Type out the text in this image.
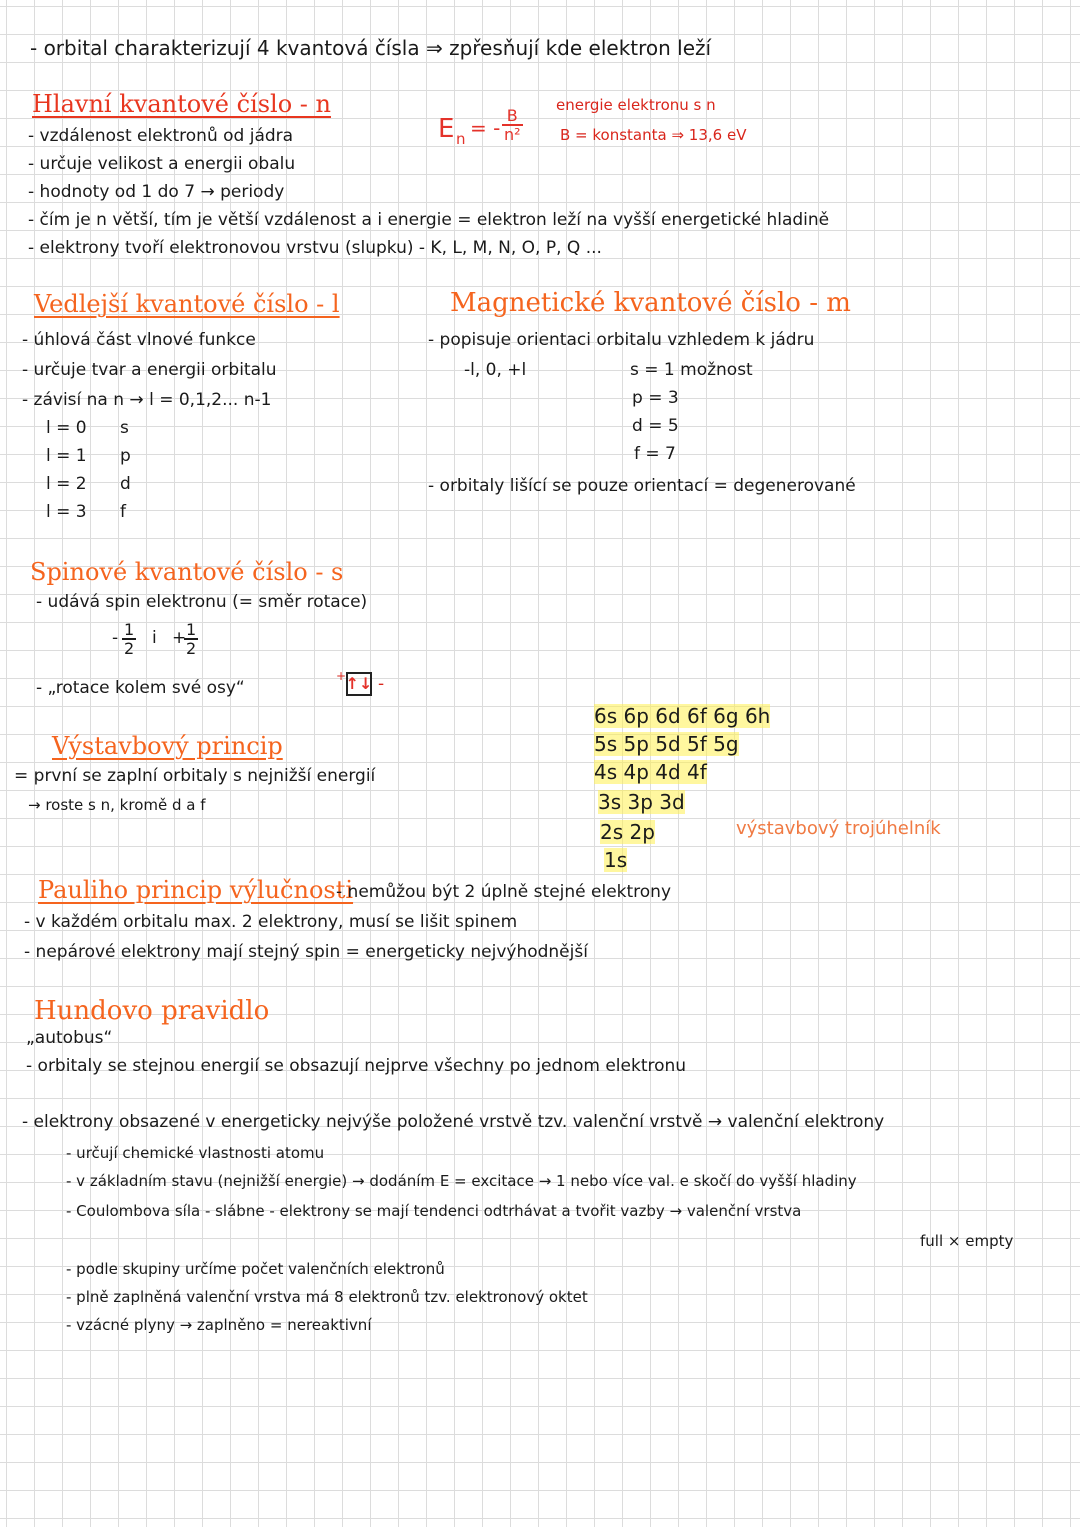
- orbital charakterizují 4 kvantová čísla ⇒ zpřesňují kde elektron leží
Hlavní kvantové číslo - n
- vzdálenost elektronů od jádra
- určuje velikost a energii obalu
- hodnoty od 1 do 7 → periody
- čím je n větší, tím je větší vzdálenost a i energie = elektron leží na vyšší energetické hladině
- elektrony tvoří elektronovou vrstvu (slupku) - K, L, M, N, O, P, Q ...
E n = - $\frac{B}{\text{n²}}$
energie elektronu s n
B = konstanta ⇒ 13,6 eV
Vedlejší kvantové číslo - l
- úhlová část vlnové funkce
- určuje tvar a energii orbitalu
- závisí na n → l = 0,1,2... n-1
l = 0 s
l = 1 p
l = 2 d
l = 3 f
Magnetické kvantové číslo - m
- popisuje orientaci orbitalu vzhledem k jádru
-l, 0, +l	s = 1 možnost
p = 3
d = 5
f = 7
- orbitaly lišící se pouze orientací = degenerované
Spinové kvantové číslo - s
- udává spin elektronu (= směr rotace)
- $\frac{1}{2}$ i +
$\frac{1}{2}$
- „rotace kolem své osy“
+ ↑↓ -
Výstavbový princip
= první se zaplní orbitaly s nejnižší energií
→ roste s n, kromě d a f
6s 6p 6d 6f 6g 6h
5s 5p 5d 5f 5g
4s 4p 4d 4f
3s 3p 3d
2s 2p
1s
výstavbový trojúhelník
Pauliho princip výlučnosti
- nemůžou být 2 úplně stejné elektrony
- v každém orbitalu max. 2 elektrony, musí se lišit spinem
- nepárové elektrony mají stejný spin = energeticky nejvýhodnější
Hundovo pravidlo
„autobus“
- orbitaly se stejnou energií se obsazují nejprve všechny po jednom elektronu
- elektrony obsazené v energeticky nejvýše položené vrstvě tzv. valenční vrstvě → valenční elektrony
- určují chemické vlastnosti atomu
- v základním stavu (nejnižší energie) → dodáním E = excitace → 1 nebo více val. e skočí do vyšší hladiny
- Coulombova síla - slábne - elektrony se mají tendenci odtrhávat a tvořit vazby → valenční vrstva
full × empty
- podle skupiny určíme počet valenčních elektronů
- plně zaplněná valenční vrstva má 8 elektronů tzv. elektronový oktet
- vzácné plyny → zaplněno = nereaktivní
